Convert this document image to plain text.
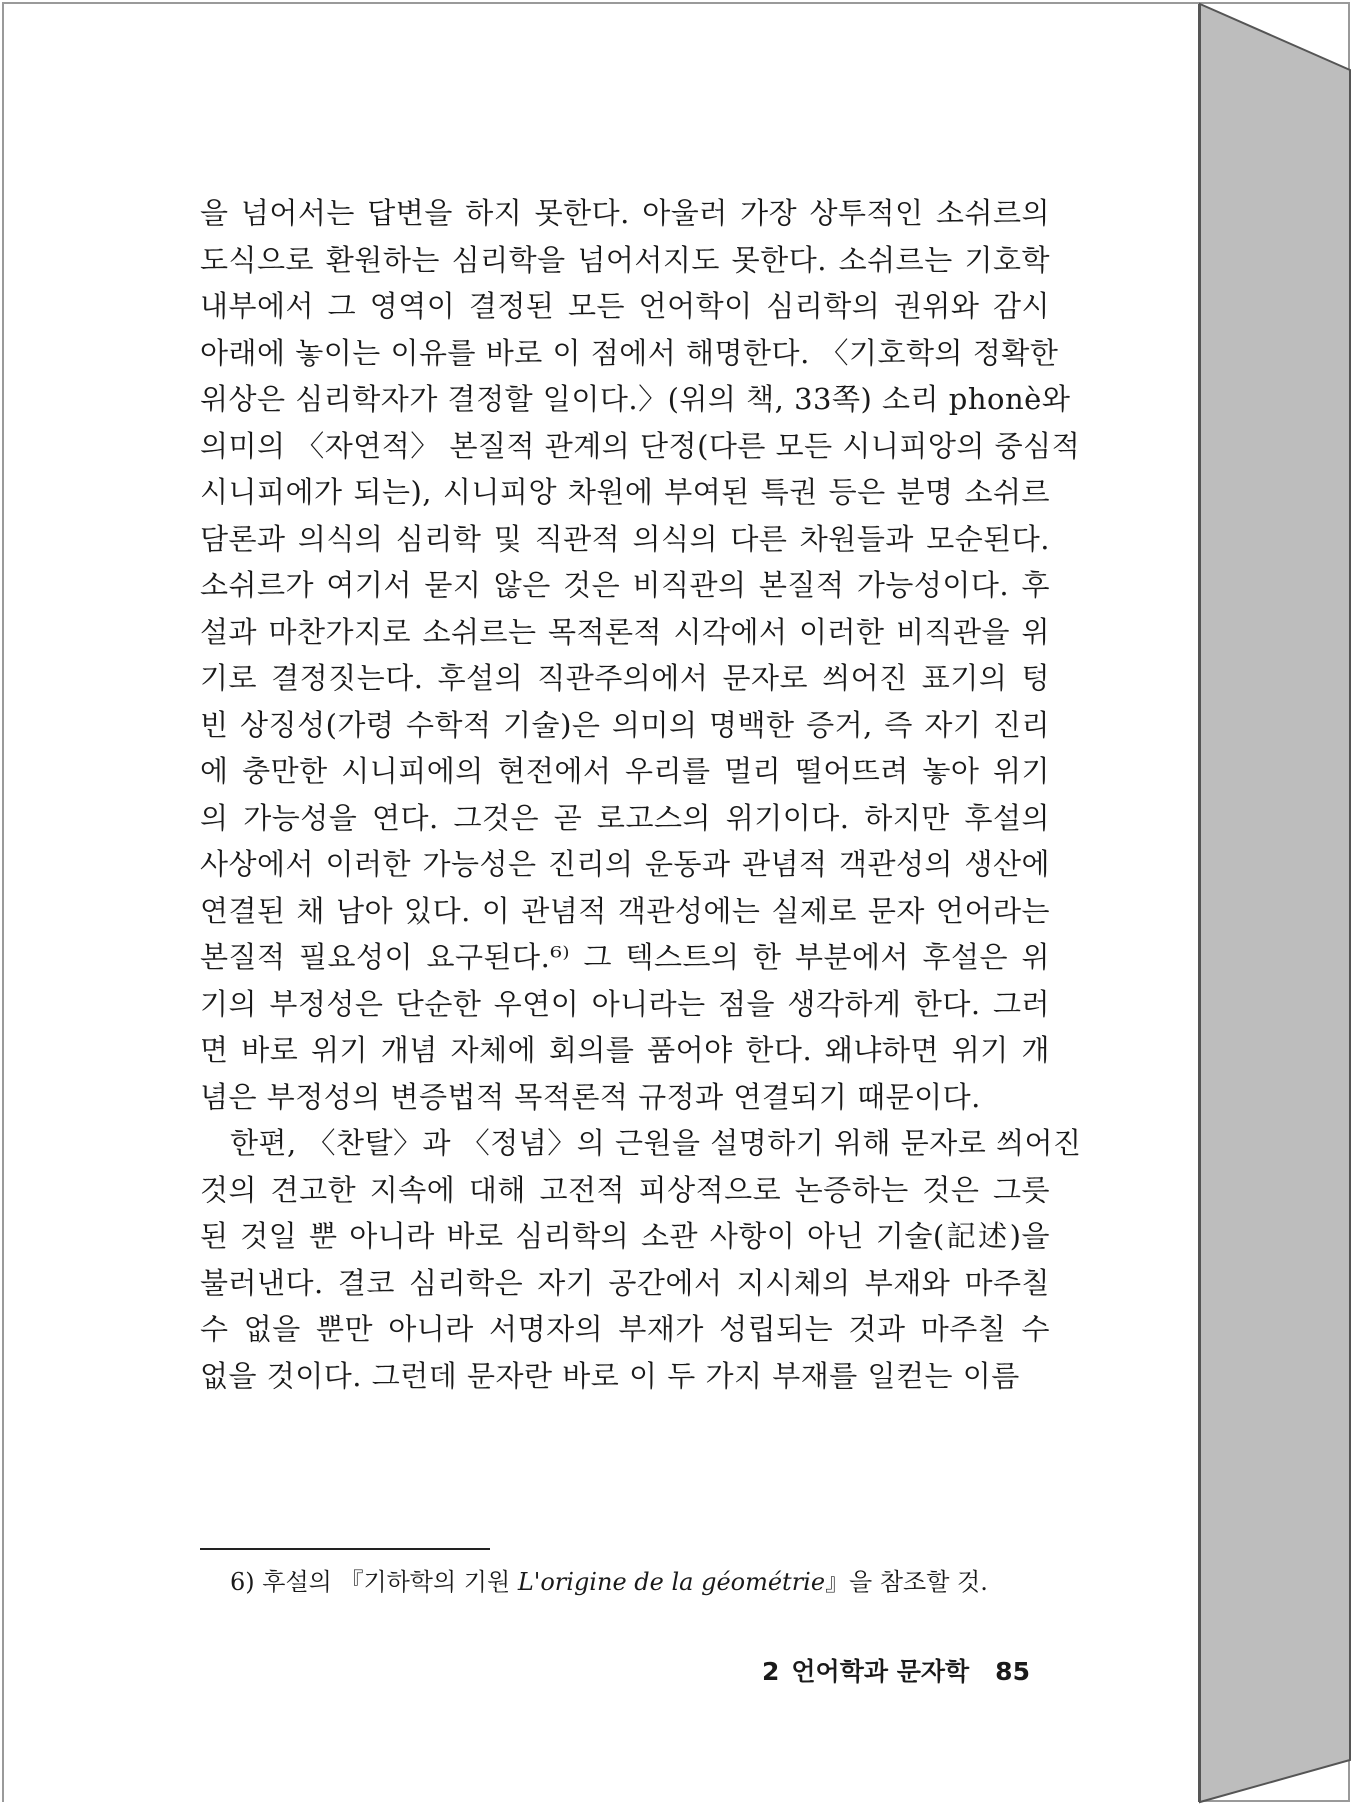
을 넘어서는 답변을 하지 못한다. 아울러 가장 상투적인 소쉬르의
도식으로 환원하는 심리학을 넘어서지도 못한다. 소쉬르는 기호학
내부에서 그 영역이 결정된 모든 언어학이 심리학의 권위와 감시
아래에 놓이는 이유를 바로 이 점에서 해명한다. 〈기호학의 정확한
위상은 심리학자가 결정할 일이다.〉(위의 책, 33쪽) 소리 phonè와
의미의 〈자연적〉 본질적 관계의 단정(다른 모든 시니피앙의 중심적
시니피에가 되는), 시니피앙 차원에 부여된 특권 등은 분명 소쉬르
담론과 의식의 심리학 및 직관적 의식의 다른 차원들과 모순된다.
소쉬르가 여기서 묻지 않은 것은 비직관의 본질적 가능성이다. 후
설과 마찬가지로 소쉬르는 목적론적 시각에서 이러한 비직관을 위
기로 결정짓는다. 후설의 직관주의에서 문자로 씌어진 표기의 텅
빈 상징성(가령 수학적 기술)은 의미의 명백한 증거, 즉 자기 진리
에 충만한 시니피에의 현전에서 우리를 멀리 떨어뜨려 놓아 위기
의 가능성을 연다. 그것은 곧 로고스의 위기이다. 하지만 후설의
사상에서 이러한 가능성은 진리의 운동과 관념적 객관성의 생산에
연결된 채 남아 있다. 이 관념적 객관성에는 실제로 문자 언어라는
본질적 필요성이 요구된다.⁶⁾ 그 텍스트의 한 부분에서 후설은 위
기의 부정성은 단순한 우연이 아니라는 점을 생각하게 한다. 그러
면 바로 위기 개념 자체에 회의를 품어야 한다. 왜냐하면 위기 개
념은 부정성의 변증법적 목적론적 규정과 연결되기 때문이다.
한편, 〈찬탈〉과 〈정념〉의 근원을 설명하기 위해 문자로 씌어진
것의 견고한 지속에 대해 고전적 피상적으로 논증하는 것은 그릇
된 것일 뿐 아니라 바로 심리학의 소관 사항이 아닌 기술(記述)을
불러낸다. 결코 심리학은 자기 공간에서 지시체의 부재와 마주칠
수 없을 뿐만 아니라 서명자의 부재가 성립되는 것과 마주칠 수
없을 것이다. 그런데 문자란 바로 이 두 가지 부재를 일컫는 이름
6) 후설의 『기하학의 기원 L'origine de la géométrie』을 참조할 것.
2 언어학과 문자학 85
